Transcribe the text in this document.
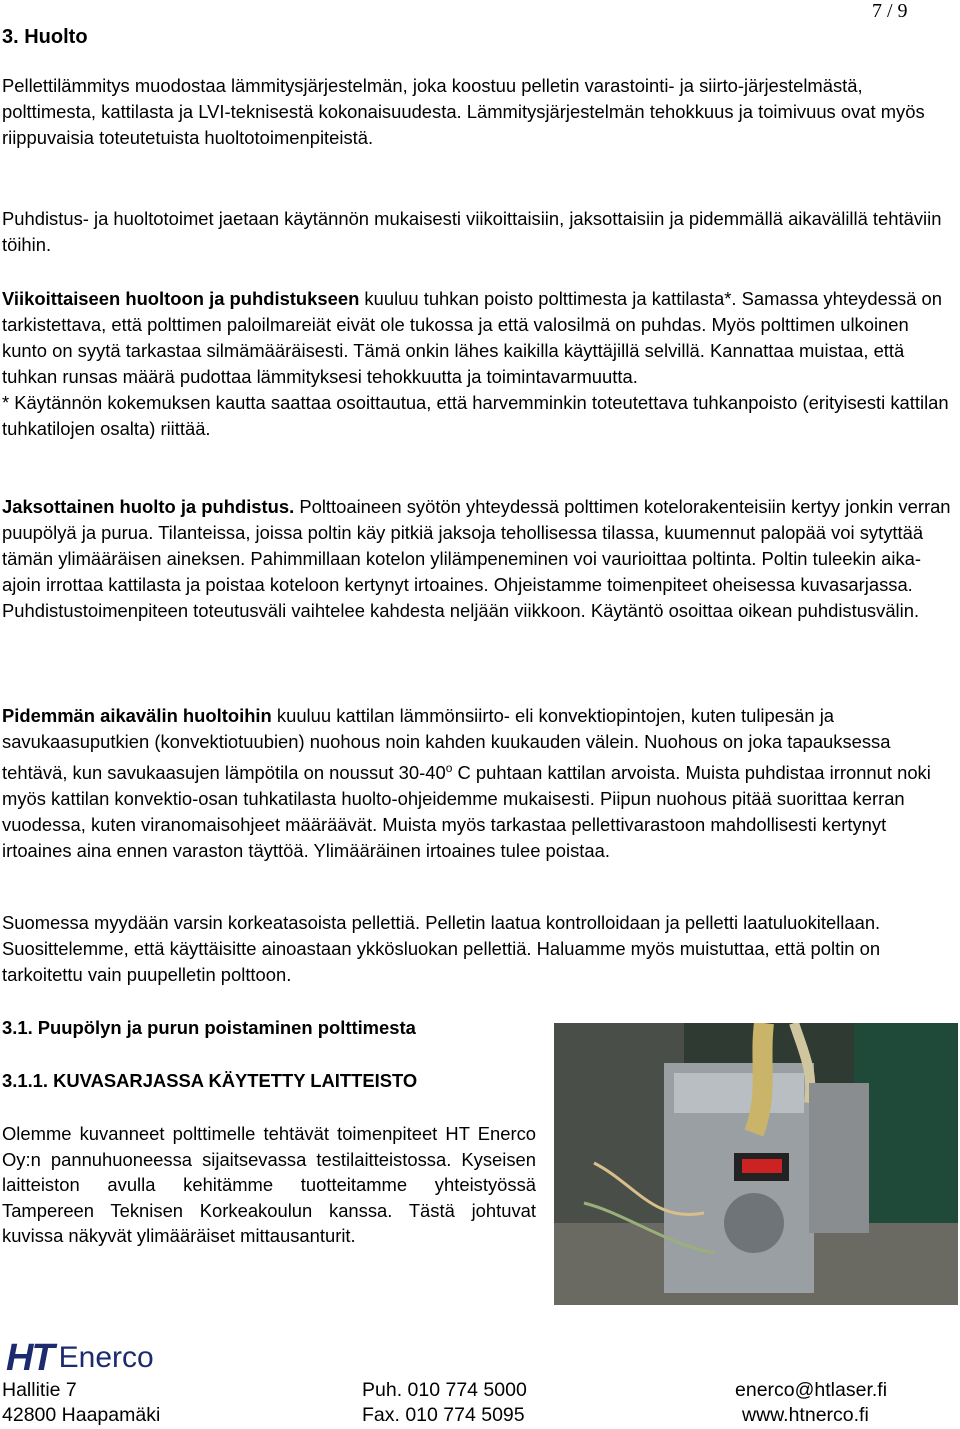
7 / 9
3. Huolto

Pellettilämmitys muodostaa lämmitysjärjestelmän, joka koostuu pelletin varastointi- ja siirto-järjestelmästä, polttimesta, kattilasta ja LVI-teknisestä kokonaisuudesta. Lämmitysjärjestelmän tehokkuus ja toimivuus ovat myös riippuvaisia toteutetuista huoltotoimenpiteistä.

Puhdistus- ja huoltotoimet jaetaan käytännön mukaisesti viikoittaisiin, jaksottaisiin ja pidemmällä aikavälillä tehtäviin töihin.

Viikoittaiseen huoltoon ja puhdistukseen kuuluu tuhkan poisto polttimesta ja kattilasta*. Samassa yhteydessä on tarkistettava, että polttimen paloilmareiät eivät ole tukossa ja että valosilmä on puhdas. Myös polttimen ulkoinen kunto on syytä tarkastaa silmämääräisesti. Tämä onkin lähes kaikilla käyttäjillä selvillä. Kannattaa muistaa, että tuhkan runsas määrä pudottaa lämmityksesi tehokkuutta ja toimintavarmuutta.

* Käytännön kokemuksen kautta saattaa osoittautua, että harvemminkin toteutettava tuhkanpoisto (erityisesti kattilan tuhkatilojen osalta) riittää.

Jaksottainen huolto ja puhdistus. Polttoaineen syötön yhteydessä polttimen kotelorakenteisiin kertyy jonkin verran puupölyä ja purua. Tilanteissa, joissa poltin käy pitkiä jaksoja tehollisessa tilassa, kuumennut palopää voi sytyttää tämän ylimääräisen aineksen. Pahimmillaan kotelon ylilämpeneminen voi vaurioittaa poltinta. Poltin tuleekin aika-ajoin irrottaa kattilasta ja poistaa koteloon kertynyt irtoaines. Ohjeistamme toimenpiteet oheisessa kuvasarjassa. Puhdistustoimenpiteen toteutusväli vaihtelee kahdesta neljään viikkoon. Käytäntö osoittaa oikean puhdistusvälin.

Pidemmän aikavälin huoltoihin kuuluu kattilan lämmönsiirto- eli konvektiopintojen, kuten tulipesän ja savukaasuputkien (konvektiotuubien) nuohous noin kahden kuukauden välein. Nuohous on joka tapauksessa tehtävä, kun savukaasujen lämpötila on noussut 30-40$^o$ C puhtaan kattilan arvoista. Muista puhdistaa irronnut noki myös kattilan konvektio-osan tuhkatilasta huolto-ohjeidemme mukaisesti. Piipun nuohous pitää suorittaa kerran vuodessa, kuten viranomaisohjeet määräävät. Muista myös tarkastaa pellettivarastoon mahdollisesti kertynyt irtoaines aina ennen varaston täyttöä. Ylimääräinen irtoaines tulee poistaa.

Suomessa myydään varsin korkeatasoista pellettiä. Pelletin laatua kontrolloidaan ja pelletti laatuluokitellaan. Suosittelemme, että käyttäisitte ainoastaan ykkösluokan pellettiä. Haluamme myös muistuttaa, että poltin on tarkoitettu vain puupelletin polttoon.

3.1. Puupölyn ja purun poistaminen polttimesta
3.1.1. KUVASARJASSA KÄYTETTY LAITTEISTO
Olemme kuvanneet polttimelle tehtävät toimenpiteet HT Enerco Oy:n pannuhuoneessa sijaitsevassa testilaitteistossa. Kyseisen laitteiston avulla kehitämme tuotteitamme yhteistyössä Tampereen Teknisen Korkeakoulun kanssa. Tästä johtuvat kuvissa näkyvät ylimääräiset mittausanturit.
HT Enerco
Hallitie 7	Puh. 010 774 5000	enerco@htlaser.fi
42800 Haapamäki	Fax. 010 774 5095	www.htnerco.fi
